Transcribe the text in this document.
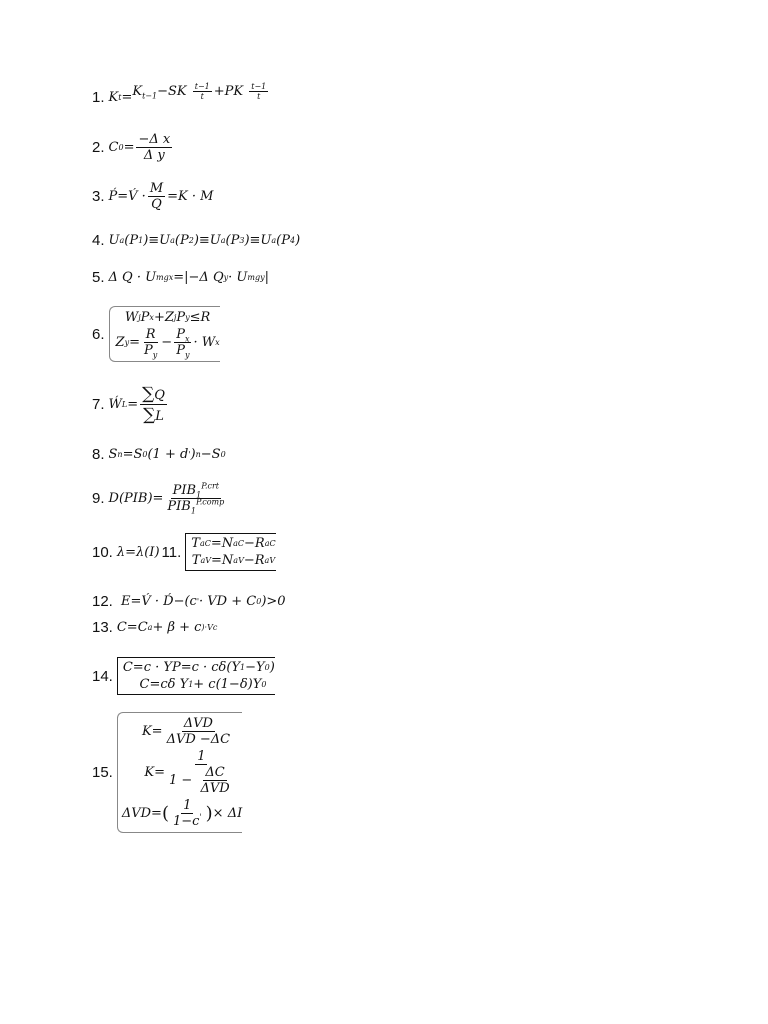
1. K $t = K_{t-1}-SK \frac{t-1}{t} +PK \frac{t-1}{t}$
2. C $0 = \frac{\text{−Δ x}}{\text{Δ y}}$
3. Ṕ=V́ · $\frac{M}{Q} =K \cdot M$
4. U a (P 1 )≡U a (P 2 )≡U a (P 3 )≡U a (P 4 )
5. Δ Q · U mgx =|−Δ Q y · U mgy |
6.
W j P x +Z j P y ≤R
Z $y = \frac{R}{P_y} - \frac{P_x}{P_y} \cdot W$ x
7. Ẃ $L = \frac{\sum Q}{\sum L}$
8. S n =S 0 (1 + d ' ) n −S 0
9. $D(PIB)= \frac{PIB_1^{P.crt}}{PIB_1^{P.comp}}$
10. λ=λ(I) 11. T a C =N a C −R a C
T a V =N a V −R a V
12. E=V́ · D́−(c ' · VD + C 0 )>0
13. C=C a + β + c )·Vc
14. C=c · YP=c · cδ(Y 1 −Y 0 )
C=cδ Y 1 + c(1−δ)Y 0
15.
$K= \frac{\text{ΔVD}}{\text{ΔVD −ΔC}}$
$K= \frac{1}{1 - \frac{\Delta C}{\text{ΔVD}}}$
ΔVD= ( $\frac{1}{1-c'}$ ) × ΔI
